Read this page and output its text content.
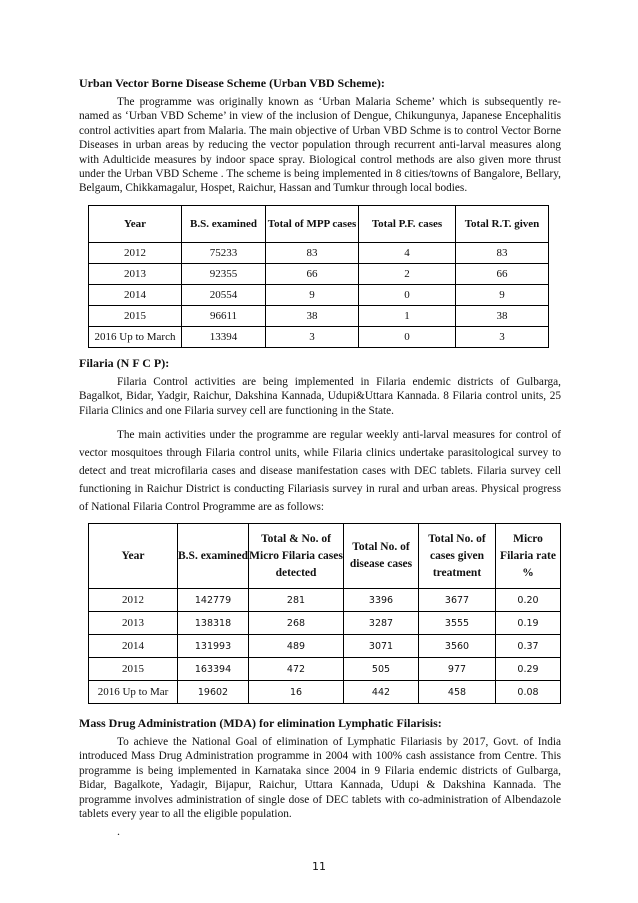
Urban Vector Borne Disease Scheme (Urban VBD Scheme):

The programme was originally known as ‘Urban Malaria Scheme’ which is subsequently re-named as ‘Urban VBD Scheme’ in view of the inclusion of Dengue, Chikungunya, Japanese Encephalitis control activities apart from Malaria. The main objective of Urban VBD Schme is to control Vector Borne Diseases in urban areas by reducing the vector population through recurrent anti-larval measures along with Adulticide measures by indoor space spray. Biological control methods are also given more thrust under the Urban VBD Scheme . The scheme is being implemented in 8 cities/towns of Bangalore, Bellary, Belgaum, Chikkamagalur, Hospet, Raichur, Hassan and Tumkur through local bodies.

Year	B.S. examined	Total of MPP cases	Total P.F. cases	Total R.T. given
2012	75233	83	4	83
2013	92355	66	2	66
2014	20554	9	0	9
2015	96611	38	1	38
2016 Up to March	13394	3	0	3

Filaria (N F C P):

Filaria Control activities are being implemented in Filaria endemic districts of Gulbarga, Bagalkot, Bidar, Yadgir, Raichur, Dakshina Kannada, Udupi&Uttara Kannada. 8 Filaria control units, 25 Filaria Clinics and one Filaria survey cell are functioning in the State.

The main activities under the programme are regular weekly anti-larval measures for control of vector mosquitoes through Filaria control units, while Filaria clinics undertake parasitological survey to detect and treat microfilaria cases and disease manifestation cases with DEC tablets. Filaria survey cell functioning in Raichur District is conducting Filariasis survey in rural and urban areas. Physical progress of National Filaria Control Programme are as follows:

Year	B.S. examined	Total & No. of Micro Filaria cases detected	Total No. of disease cases	Total No. of cases given treatment	Micro Filaria rate %
2012	142779	281	3396	3677	0.20
2013	138318	268	3287	3555	0.19
2014	131993	489	3071	3560	0.37
2015	163394	472	505	977	0.29
2016 Up to Mar	19602	16	442	458	0.08

Mass Drug Administration (MDA) for elimination Lymphatic Filarisis:

To achieve the National Goal of elimination of Lymphatic Filariasis by 2017, Govt. of India introduced Mass Drug Administration programme in 2004 with 100% cash assistance from Centre. This programme is being implemented in Karnataka since 2004 in 9 Filaria endemic districts of Gulbarga, Bidar, Bagalkote, Yadagir, Bijapur, Raichur, Uttara Kannada, Udupi & Dakshina Kannada. The programme involves administration of single dose of DEC tablets with co-administration of Albendazole tablets every year to all the eligible population.

.

11
